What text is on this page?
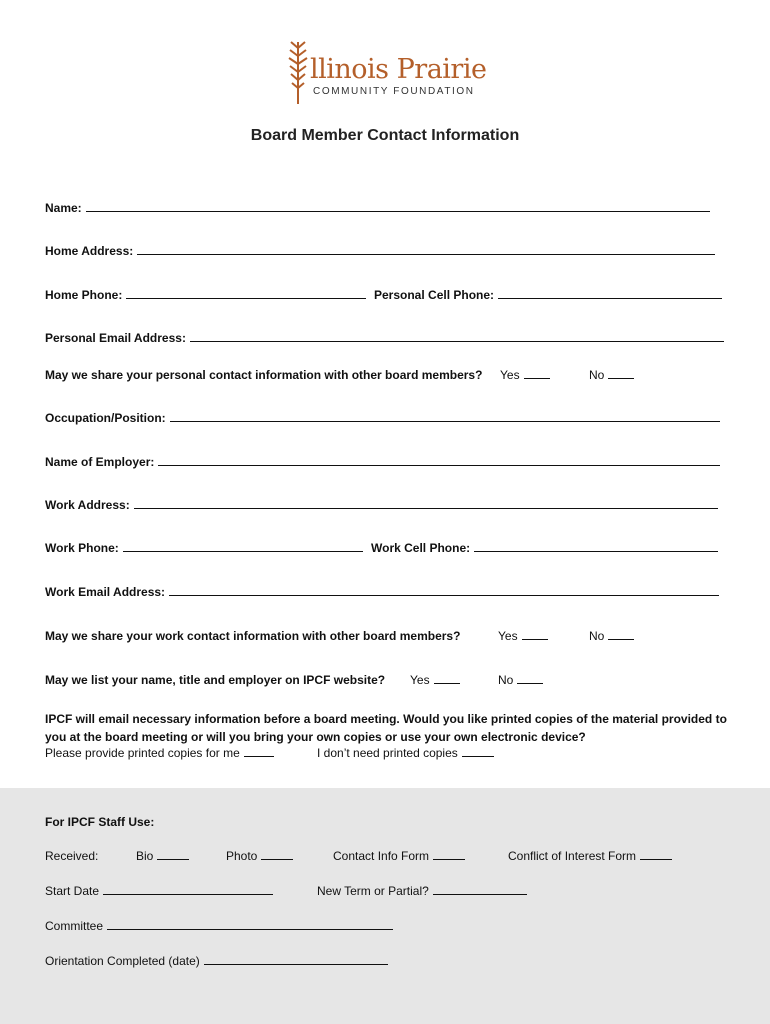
llinois Prairie
COMMUNITY FOUNDATION
Board Member Contact Information
Name:
Home Address:
Home Phone:	Personal Cell Phone:
Personal Email Address:
May we share your personal contact information with other board members? Yes	No
Occupation/Position:
Name of Employer:
Work Address:
Work Phone:	Work Cell Phone:
Work Email Address:
May we share your work contact information with other board members?	Yes	No
May we list your name, title and employer on IPCF website? Yes	No
IPCF will email necessary information before a board meeting. Would you like printed copies of the material provided to you at the board meeting or will you bring your own copies or use your own electronic device?
Please provide printed copies for me	I don’t need printed copies
For IPCF Staff Use:
Received:	Bio	Photo	Contact Info Form	Conflict of Interest Form
Start Date	New Term or Partial?
Committee
Orientation Completed (date)
